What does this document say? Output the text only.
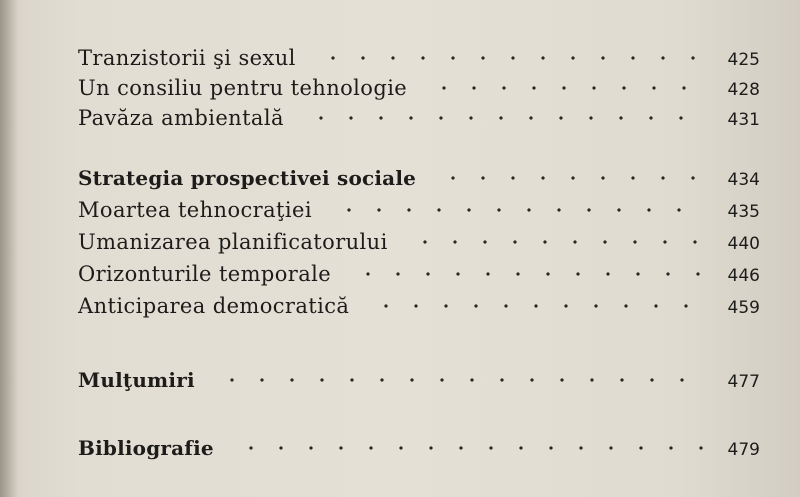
Tranzistorii şi sexul	425
Un consiliu pentru tehnologie	428
Pavăza ambientală	431
Strategia prospectivei sociale	434
Moartea tehnocraţiei	435
Umanizarea planificatorului	440
Orizonturile temporale	446
Anticiparea democratică	459
Mulţumiri	477
Bibliografie	479
